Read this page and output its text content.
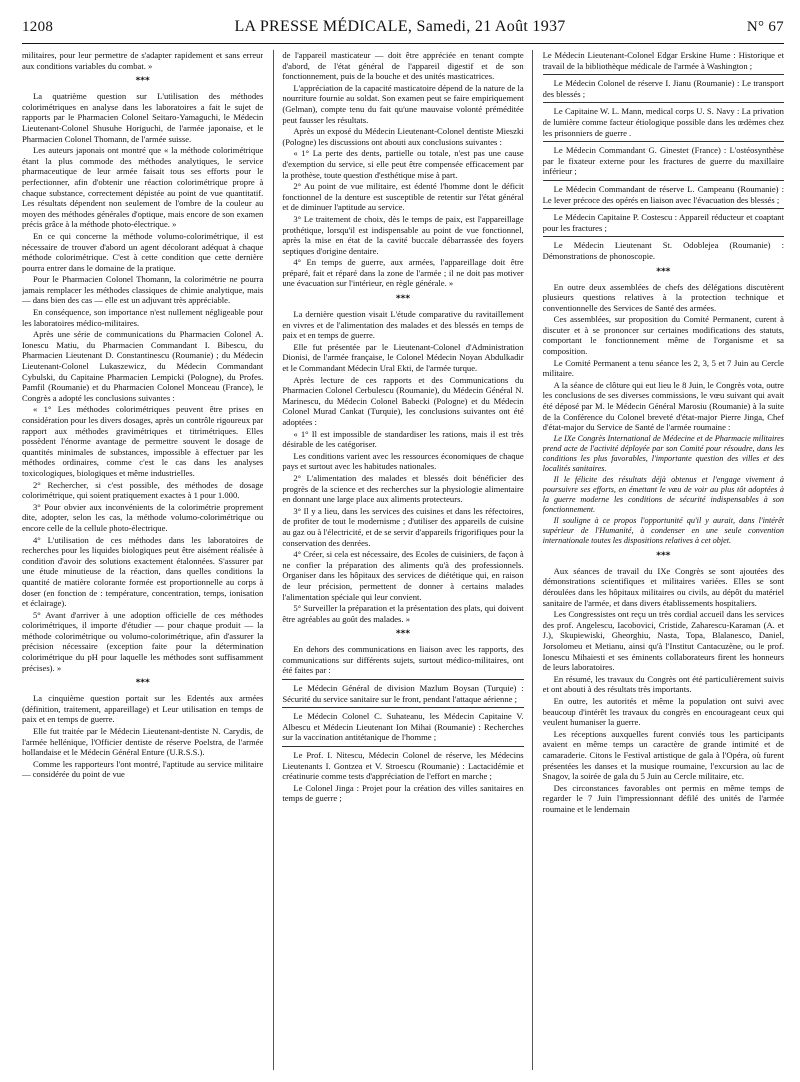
1208	LA PRESSE MÉDICALE, Samedi, 21 Août 1937	N° 67

militaires, pour leur permettre de s'adapter rapidement et sans erreur aux conditions variables du combat. »

***

La quatrième question sur L'utilisation des méthodes colorimétriques en analyse dans les laboratoires a fait le sujet de rapports par le Pharmacien Colonel Seitaro-Yamaguchi, le Médecin Lieutenant-Colonel Shusuhe Horiguchi, de l'armée japonaise, et le Pharmacien Colonel Thomann, de l'armée suisse.

Les auteurs japonais ont montré que « la méthode colorimétrique étant la plus commode des méthodes analytiques, le service pharmaceutique de leur armée faisait tous ses efforts pour le perfectionner, afin d'obtenir une réaction colorimétrique propre à chaque substance, correctement dépistée au point de vue quantitatif. Les résultats dépendent non seulement de l'ombre de la couleur au moyen des méthodes générales d'optique, mais encore de son examen précis grâce à la méthode photo-électrique. »

En ce qui concerne la méthode volumo-colorimétrique, il est nécessaire de trouver d'abord un agent décolorant adéquat à chaque méthode colorimétrique. C'est à cette condition que cette dernière pourra entrer dans le domaine de la pratique.

Pour le Pharmacien Colonel Thomann, la colorimétrie ne pourra jamais remplacer les méthodes classiques de chimie analytique, mais — dans bien des cas — elle est un adjuvant très appréciable.

En conséquence, son importance n'est nullement négligeable pour les laboratoires médico-militaires.

Après une série de communications du Pharmacien Colonel A. Ionescu Matiu, du Pharmacien Commandant I. Bibescu, du Pharmacien Lieutenant D. Constantinescu (Roumanie) ; du Médecin Lieutenant-Colonel Lukaszewicz, du Médecin Commandant Cybulski, du Capitaine Pharmacien Lempicki (Pologne), du Profes. Pamfil (Roumanie) et du Pharmacien Colonel Monceau (France), le Congrès a adopté les conclusions suivantes :

« 1° Les méthodes colorimétriques peuvent être prises en considération pour les divers dosages, après un contrôle rigoureux par rapport aux méthodes gravimétriques et titrimétriques. Elles possèdent l'énorme avantage de permettre souvent le dosage de quantités minimales de substances, impossible à effectuer par les méthodes ordinaires, comme c'est le cas dans les analyses toxicologiques, biologiques et même industrielles.

2° Rechercher, si c'est possible, des méthodes de dosage colorimétrique, qui soient pratiquement exactes à 1 pour 1.000.

3° Pour obvier aux inconvénients de la colorimétrie proprement dite, adopter, selon les cas, la méthode volumo-colorimétrique ou encore celle de la cellule photo-électrique.

4° L'utilisation de ces méthodes dans les laboratoires de recherches pour les liquides biologiques peut être aisément réalisée à condition d'avoir des solutions exactement étalonnées. S'assurer par une étude minutieuse de la réaction, dans quelles conditions la quantité de matière colorante formée est proportionnelle au corps à doser (en fonction de : température, concentration, temps, ionisation et éclairage).

5° Avant d'arriver à une adoption officielle de ces méthodes colorimétriques, il importe d'étudier — pour chaque produit — la méthode colorimétrique ou volumo-colorimétrique, afin d'assurer la précision nécessaire (exception faite pour la détermination colorimétrique du pH pour laquelle les méthodes sont suffisamment précises). »

***

La cinquième question portait sur les Edentés aux armées (définition, traitement, appareillage) et Leur utilisation en temps de paix et en temps de guerre.

Elle fut traitée par le Médecin Lieutenant-dentiste N. Carydis, de l'armée hellénique, l'Officier dentiste de réserve Poelstra, de l'armée hollandaise et le Médecin Général Enture (U.R.S.S.).

Comme les rapporteurs l'ont montré, l'aptitude au service militaire — considérée du point de vue

de l'appareil masticateur — doit être appréciée en tenant compte d'abord, de l'état général de l'appareil digestif et de son fonctionnement, puis de la bouche et des unités masticatrices.

L'appréciation de la capacité masticatoire dépend de la nature de la nourriture fournie au soldat. Son examen peut se faire empiriquement (Gelman), compte tenu du fait qu'une mauvaise volonté préméditée peut fausser les résultats.

Après un exposé du Médecin Lieutenant-Colonel dentiste Mieszki (Pologne) les discussions ont abouti aux conclusions suivantes :

« 1° La perte des dents, partielle ou totale, n'est pas une cause d'exemption du service, si elle peut être compensée efficacement par la prothèse, toute question d'esthétique mise à part.

2° Au point de vue militaire, est édenté l'homme dont le déficit fonctionnel de la denture est susceptible de retentir sur l'état général et de diminuer l'aptitude au service.

3° Le traitement de choix, dès le temps de paix, est l'appareillage prothétique, lorsqu'il est indispensable au point de vue fonctionnel, après la mise en état de la cavité buccale débarrassée des foyers septiques d'origine dentaire.

4° En temps de guerre, aux armées, l'appareillage doit être préparé, fait et réparé dans la zone de l'armée ; il ne doit pas motiver une évacuation sur l'intérieur, en règle générale. »

***

La dernière question visait L'étude comparative du ravitaillement en vivres et de l'alimentation des malades et des blessés en temps de paix et en temps de guerre.

Elle fut présentée par le Lieutenant-Colonel d'Administration Dionisi, de l'armée française, le Colonel Médecin Noyan Abdulkadir et le Commandant Médecin Ural Ekti, de l'armée turque.

Après lecture de ces rapports et des Communications du Pharmacien Colonel Cerbulescu (Roumanie), du Médecin Général N. Marinescu, du Médecin Colonel Babecki (Pologne) et du Médecin Colonel Murad Cankat (Turquie), les conclusions suivantes ont été adoptées :

« 1° Il est impossible de standardiser les rations, mais il est très désirable de les catégoriser.

Les conditions varient avec les ressources économiques de chaque pays et surtout avec les habitudes nationales.

2° L'alimentation des malades et blessés doit bénéficier des progrès de la science et des recherches sur la physiologie alimentaire en donnant une large place aux aliments protecteurs.

3° Il y a lieu, dans les services des cuisines et dans les réfectoires, de profiter de tout le modernisme ; d'utiliser des appareils de cuisine au gaz ou à l'électricité, et de se servir d'appareils frigorifiques pour la conservation des denrées.

4° Créer, si cela est nécessaire, des Ecoles de cuisiniers, de façon à ne confier la préparation des aliments qu'à des professionnels. Organiser dans les hôpitaux des services de diététique qui, en raison de leur précision, permettent de donner à certains malades l'alimentation spéciale qui leur convient.

5° Surveiller la préparation et la présentation des plats, qui doivent être agréables au goût des malades. »

***

En dehors des communications en liaison avec les rapports, des communications sur différents sujets, surtout médico-militaires, ont été faites par :

Le Médecin Général de division Mazlum Boysan (Turquie) : Sécurité du service sanitaire sur le front, pendant l'attaque aérienne ;

Le Médecin Colonel C. Suhateanu, les Médecin Capitaine V. Albescu et Médecin Lieutenant Ion Mihai (Roumanie) : Recherches sur la vaccination antitétanique de l'homme ;

Le Prof. I. Nitescu, Médecin Colonel de réserve, les Médecins Lieutenants I. Gontzea et V. Stroescu (Roumanie) : Lactacidémie et créatinurie comme tests d'appréciation de l'effort en marche ;

Le Colonel Jinga : Projet pour la création des villes sanitaires en temps de guerre ;

Le Médecin Lieutenant-Colonel Edgar Erskine Hume : Historique et travail de la bibliothèque médicale de l'armée à Washington ;

Le Médecin Colonel de réserve I. Jianu (Roumanie) : Le transport des blessés ;

Le Capitaine W. L. Mann, medical corps U. S. Navy : La privation de lumière comme facteur étiologique possible dans les œdèmes chez les prisonniers de guerre .

Le Médecin Commandant G. Ginestet (France) : L'ostéosynthèse par le fixateur externe pour les fractures de guerre du maxillaire inférieur ;

Le Médecin Commandant de réserve L. Campeanu (Roumanie) : Le lever précoce des opérés en liaison avec l'évacuation des blessés ;

Le Médecin Capitaine P. Costescu : Appareil réducteur et coaptant pour les fractures ;

Le Médecin Lieutenant St. Odoblejea (Roumanie) : Démonstrations de phonoscopie.

***

En outre deux assemblées de chefs des délégations discutèrent plusieurs questions relatives à la protection technique et conventionnelle des Services de Santé des armées.

Ces assemblées, sur proposition du Comité Permanent, curent à discuter et à se prononcer sur certaines modifications des statuts, comportant le fonctionnement même de l'organisme et sa composition.

Le Comité Permanent a tenu séance les 2, 3, 5 et 7 Juin au Cercle militaire.

A la séance de clôture qui eut lieu le 8 Juin, le Congrès vota, outre les conclusions de ses diverses commissions, le vœu suivant qui avait été déposé par M. le Médecin Général Marosiu (Roumanie) à la suite de la Conférence du Colonel breveté d'état-major Pierre Jinga, Chef d'état-major du Service de Santé de l'armée roumaine :

Le IXe Congrès International de Médecine et de Pharmacie militaires prend acte de l'activité déployée par son Comité pour résoudre, dans les conditions les plus favorables, l'importante question des villes et des localités sanitaires.

Il le félicite des résultats déjà obtenus et l'engage vivement à poursuivre ses efforts, en émettant le vœu de voir au plus tôt adoptées à la guerre moderne les conditions de sécurité indispensables à son fonctionnement.

Il souligne à ce propos l'opportunité qu'il y aurait, dans l'intérêt supérieur de l'Humanité, à condenser en une seule convention internationale toutes les dispositions relatives à cet objet.

***

Aux séances de travail du IXe Congrès se sont ajoutées des démonstrations scientifiques et militaires variées. Elles se sont déroulées dans les hôpitaux militaires ou civils, au dépôt du matériel sanitaire de l'armée, et dans divers établissements hospitaliers.

Les Congressistes ont reçu un très cordial accueil dans les services des prof. Angelescu, Iacobovici, Cristide, Zaharescu-Karaman (A. et J.), Skupiewiski, Gheorghiu, Nasta, Topa, Blalanesco, Daniel, Jorsolomeu et Metianu, ainsi qu'à l'Institut Cantacuzène, ou le prof. Ionescu Mihaiesti et ses éminents collaborateurs firent les honneurs de leurs laboratoires.

En résumé, les travaux du Congrès ont été particulièrement suivis et ont abouti à des résultats très importants.

En outre, les autorités et même la population ont suivi avec beaucoup d'intérêt les travaux du congrès en encourageant ceux qui veulent humaniser la guerre.

Les réceptions auxquelles furent conviés tous les participants avaient en même temps un caractère de grande intimité et de camaraderie. Citons le Festival artistique de gala à l'Opéra, où furent présentées les danses et la musique roumaine, l'excursion au lac de Snagov, la soirée de gala du 5 Juin au Cercle militaire, etc.

Des circonstances favorables ont permis en même temps de regarder le 7 Juin l'impressionnant défilé des unités de l'armée roumaine et le lendemain
